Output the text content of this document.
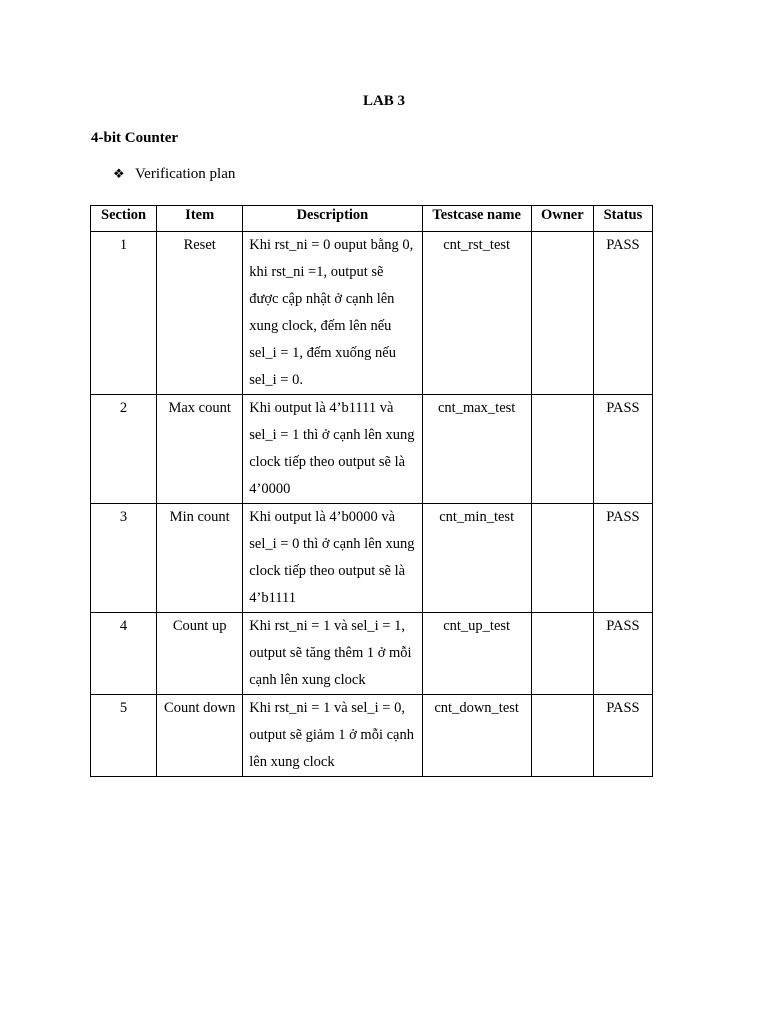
LAB 3
4-bit Counter
❖ Verification plan
Section	Item	Description	Testcase name	Owner	Status
1	Reset	Khi rst_ni = 0 ouput bằng 0, khi rst_ni =1, output sẽ được cập nhật ở cạnh lên xung clock, đếm lên nếu sel_i = 1, đếm xuống nếu sel_i = 0.	cnt_rst_test		PASS
2	Max count	Khi output là 4’b1111 và sel_i = 1 thì ở cạnh lên xung clock tiếp theo output sẽ là 4’0000	cnt_max_test		PASS
3	Min count	Khi output là 4’b0000 và sel_i = 0 thì ở cạnh lên xung clock tiếp theo output sẽ là 4’b1111	cnt_min_test		PASS
4	Count up	Khi rst_ni = 1 và sel_i = 1, output sẽ tăng thêm 1 ở mỗi cạnh lên xung clock	cnt_up_test		PASS
5	Count down	Khi rst_ni = 1 và sel_i = 0, output sẽ giảm 1 ở mỗi cạnh lên xung clock	cnt_down_test		PASS
